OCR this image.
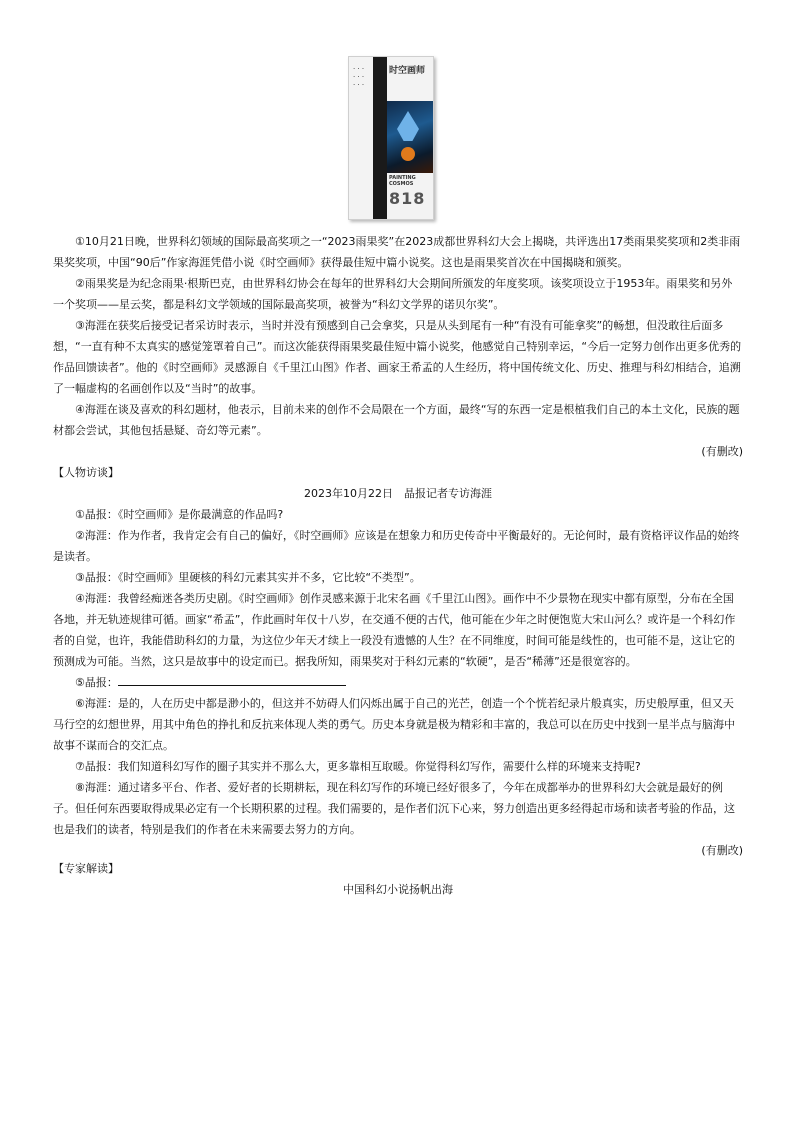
· · ·
· · ·
· · ·
时空画师
PAINTING COSMOS
818

①10月21日晚，世界科幻领域的国际最高奖项之一“2023雨果奖”在2023成都世界科幻大会上揭晓，共评选出17类雨果奖奖项和2类非雨果奖奖项，中国“90后”作家海涯凭借小说《时空画师》获得最佳短中篇小说奖。这也是雨果奖首次在中国揭晓和颁奖。

②雨果奖是为纪念雨果·根斯巴克，由世界科幻协会在每年的世界科幻大会期间所颁发的年度奖项。该奖项设立于1953年。雨果奖和另外一个奖项——星云奖，都是科幻文学领域的国际最高奖项，被誉为“科幻文学界的诺贝尔奖”。

③海涯在获奖后接受记者采访时表示，当时并没有预感到自己会拿奖，只是从头到尾有一种“有没有可能拿奖”的畅想，但没敢往后面多想，“一直有种不太真实的感觉笼罩着自己”。而这次能获得雨果奖最佳短中篇小说奖，他感觉自己特别幸运，“今后一定努力创作出更多优秀的作品回馈读者”。他的《时空画师》灵感源自《千里江山图》作者、画家王希孟的人生经历，将中国传统文化、历史、推理与科幻相结合，追溯了一幅虚构的名画创作以及“当时”的故事。

④海涯在谈及喜欢的科幻题材，他表示，目前未来的创作不会局限在一个方面，最终“写的东西一定是根植我们自己的本土文化，民族的题材都会尝试，其他包括悬疑、奇幻等元素”。

(有删改)

【人物访谈】

2023年10月22日　晶报记者专访海涯

①晶报：《时空画师》是你最满意的作品吗?

②海涯：作为作者，我肯定会有自己的偏好，《时空画师》应该是在想象力和历史传奇中平衡最好的。无论何时，最有资格评议作品的始终是读者。

③晶报：《时空画师》里硬核的科幻元素其实并不多，它比较“不类型”。

④海涯：我曾经痴迷各类历史剧。《时空画师》创作灵感来源于北宋名画《千里江山图》。画作中不少景物在现实中都有原型，分布在全国各地，并无轨迹规律可循。画家“希孟”，作此画时年仅十八岁，在交通不便的古代，他可能在少年之时便饱览大宋山河么？或许是一个科幻作者的自觉，也许，我能借助科幻的力量，为这位少年天才续上一段没有遗憾的人生？在不同维度，时间可能是线性的，也可能不是，这让它的预测成为可能。当然，这只是故事中的设定而已。据我所知，雨果奖对于科幻元素的“软硬”，是否“稀薄”还是很宽容的。

⑤晶报：

⑥海涯：是的，人在历史中都是渺小的，但这并不妨碍人们闪烁出属于自己的光芒，创造一个个恍若纪录片般真实，历史般厚重，但又天马行空的幻想世界，用其中角色的挣扎和反抗来体现人类的勇气。历史本身就是极为精彩和丰富的，我总可以在历史中找到一星半点与脑海中故事不谋而合的交汇点。

⑦晶报：我们知道科幻写作的圈子其实并不那么大，更多靠相互取暖。你觉得科幻写作，需要什么样的环境来支持呢?

⑧海涯：通过诸多平台、作者、爱好者的长期耕耘，现在科幻写作的环境已经好很多了，今年在成都举办的世界科幻大会就是最好的例子。但任何东西要取得成果必定有一个长期积累的过程。我们需要的，是作者们沉下心来，努力创造出更多经得起市场和读者考验的作品，这也是我们的读者，特别是我们的作者在未来需要去努力的方向。

(有删改)

【专家解读】

中国科幻小说扬帆出海
